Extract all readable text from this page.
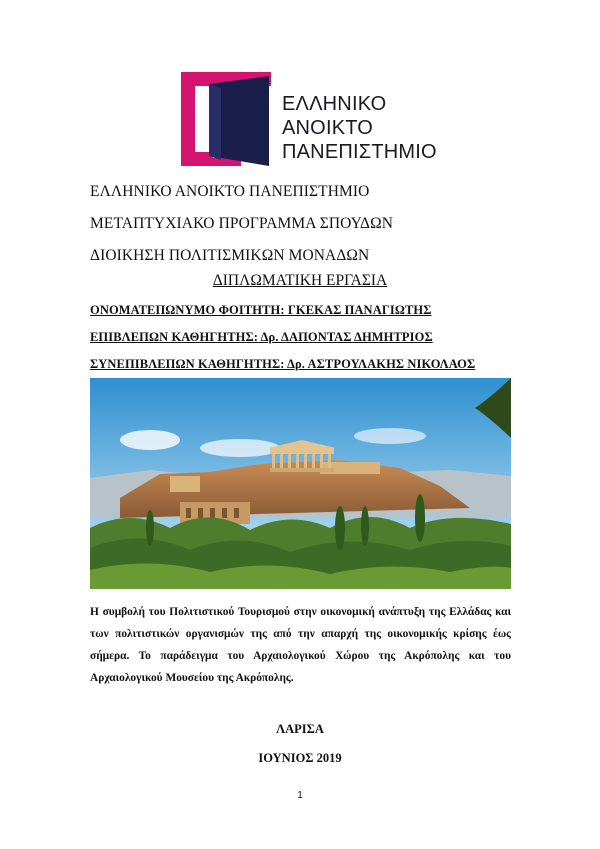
ΕΛΛΗΝΙΚΟ
ΑΝΟΙΚΤΟ
ΠΑΝΕΠΙΣΤΗΜΙΟ
ΕΛΛΗΝΙΚΟ ΑΝΟΙΚΤΟ ΠΑΝΕΠΙΣΤΗΜΙΟ
ΜΕΤΑΠΤΥΧΙΑΚΟ ΠΡΟΓΡΑΜΜΑ ΣΠΟΥΔΩΝ
ΔΙΟΙΚΗΣΗ ΠΟΛΙΤΙΣΜΙΚΩΝ ΜΟΝΑΔΩΝ
ΔΙΠΛΩΜΑΤΙΚΗ ΕΡΓΑΣΙΑ
ΟΝΟΜΑΤΕΠΩΝΥΜΟ ΦΟΙΤΗΤΗ: ΓΚΕΚΑΣ ΠΑΝΑΓΙΩΤΗΣ
ΕΠΙΒΛΕΠΩΝ ΚΑΘΗΓΗΤΗΣ: Δρ. ΔΑΠΟΝΤΑΣ ΔΗΜΗΤΡΙΟΣ
ΣΥΝΕΠΙΒΛΕΠΩΝ ΚΑΘΗΓΗΤΗΣ: Δρ. ΑΣΤΡΟΥΛΑΚΗΣ ΝΙΚΟΛΑΟΣ
Η συμβολή του Πολιτιστικού Τουρισμού στην οικονομική ανάπτυξη της Ελλάδας και των πολιτιστικών οργανισμών της από την απαρχή της οικονομικής κρίσης έως σήμερα. Το παράδειγμα του Αρχαιολογικού Χώρου της Ακρόπολης και του Αρχαιολογικού Μουσείου της Ακρόπολης.
ΛΑΡΙΣΑ
ΙΟΥΝΙΟΣ 2019
1
